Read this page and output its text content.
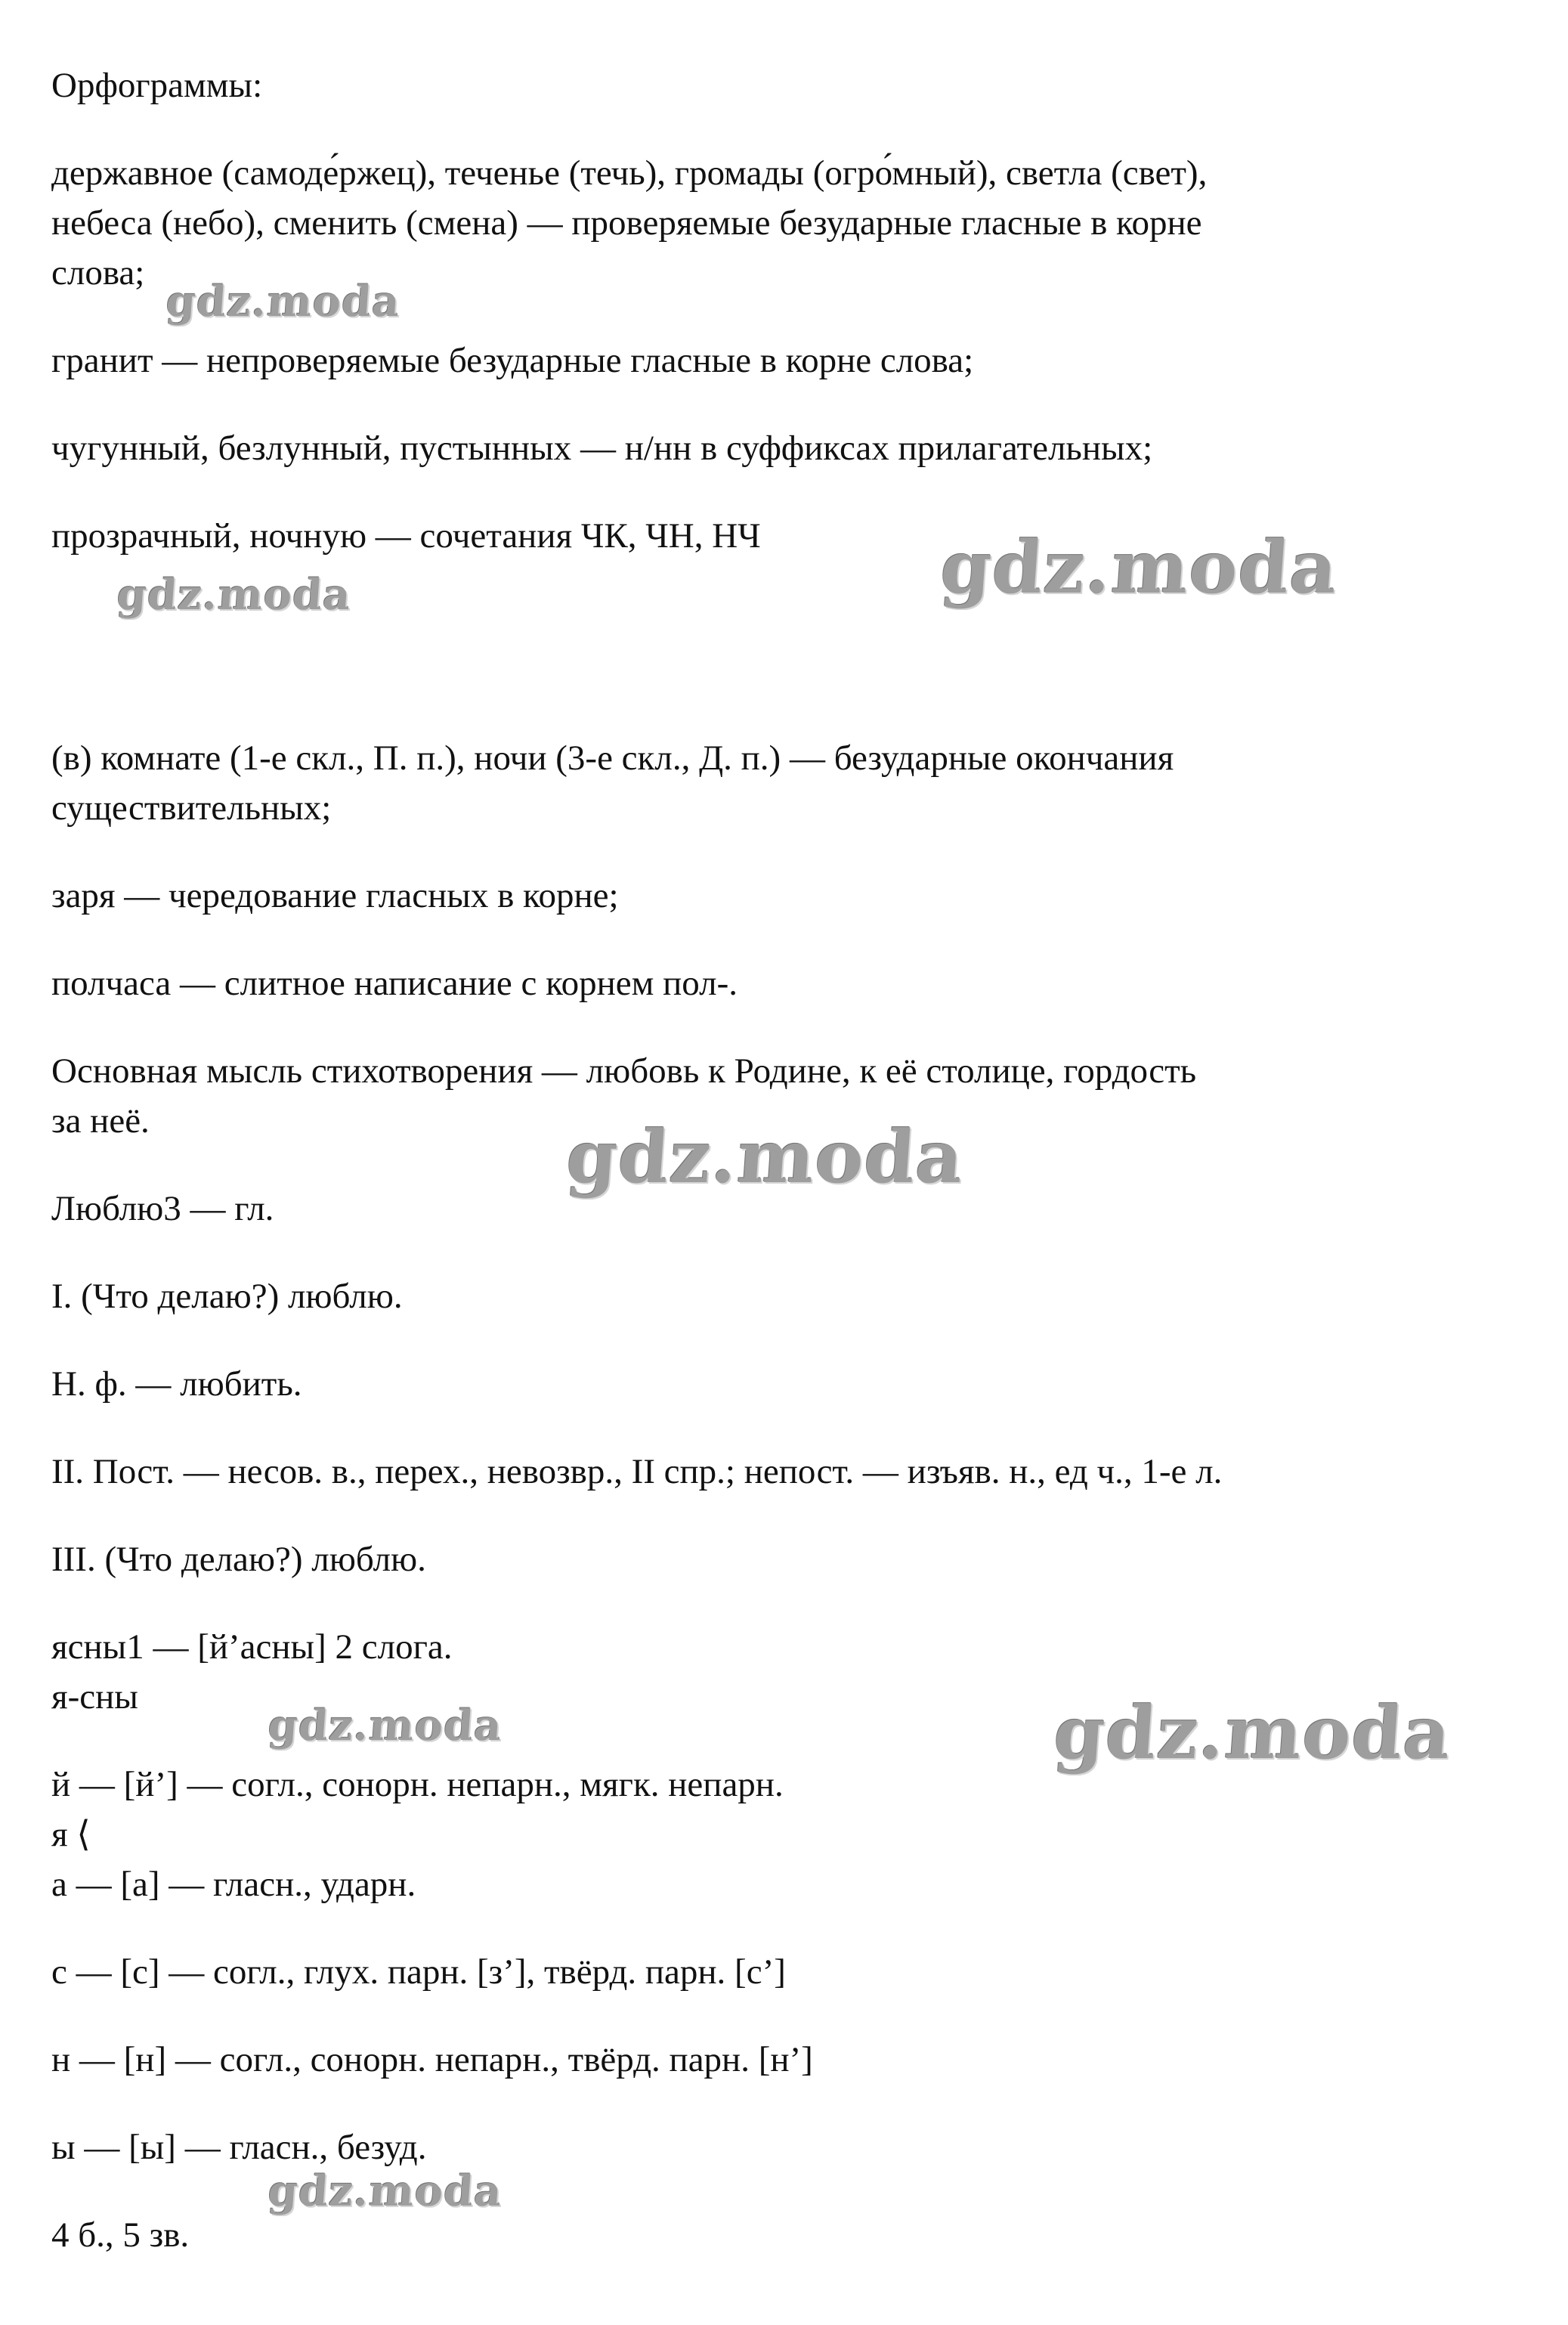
Орфограммы:
державное (самоде́ржец), теченье (течь), громады (огро́мный), светла (свет),
небеса (небо), сменить (смена) — проверяемые безударные гласные в корне
слова;
гранит — непроверяемые безударные гласные в корне слова;
чугунный, безлунный, пустынных — н/нн в суффиксах прилагательных;
прозрачный, ночную — сочетания ЧК, ЧН, НЧ
(в) комнате (1-е скл., П. п.), ночи (3-е скл., Д. п.) — безударные окончания
существительных;
заря — чередование гласных в корне;
полчаса — слитное написание с корнем пол-.
Основная мысль стихотворения — любовь к Родине, к её столице, гордость
за неё.
Люблю3 — гл.
I. (Что делаю?) люблю.
Н. ф. — любить.
II. Пост. — несов. в., перех., невозвр., II спр.; непост. — изъяв. н., ед ч., 1-е л.
III. (Что делаю?) люблю.
ясны1 — [й’асны] 2 слога.
я-сны
й — [й’] — согл., сонорн. непарн., мягк. непарн.
я ⟨
а — [а] — гласн., ударн.
с — [с] — согл., глух. парн. [з’], твёрд. парн. [с’]
н — [н] — согл., сонорн. непарн., твёрд. парн. [н’]
ы — [ы] — гласн., безуд.
4 б., 5 зв.
gdz.moda
gdz.moda	gdz.moda
gdz.moda
gdz.moda	gdz.moda
gdz.moda
